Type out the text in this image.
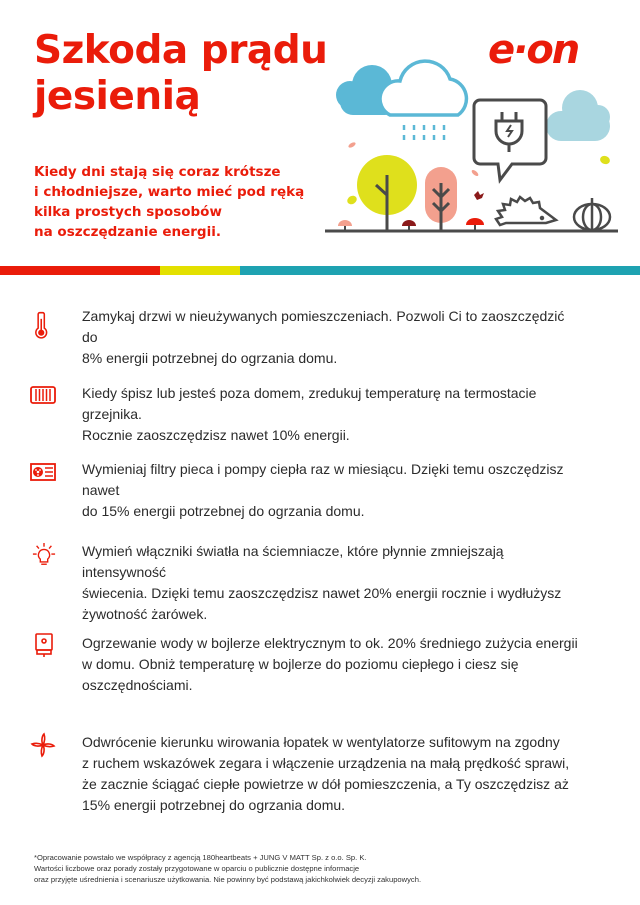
Szkoda prądu
jesienią

Kiedy dni stają się coraz krótsze
i chłodniejsze, warto mieć pod ręką
kilka prostych sposobów
na oszczędzanie energii.

e·on

Zamykaj drzwi w nieużywanych pomieszczeniach. Pozwoli Ci to zaoszczędzić do
8% energii potrzebnej do ogrzania domu.

Kiedy śpisz lub jesteś poza domem, zredukuj temperaturę na termostacie grzejnika.
Rocznie zaoszczędzisz nawet 10% energii.

Wymieniaj filtry pieca i pompy ciepła raz w miesiącu. Dzięki temu oszczędzisz nawet
do 15% energii potrzebnej do ogrzania domu.

Wymień włączniki światła na ściemniacze, które płynnie zmniejszają intensywność
świecenia. Dzięki temu zaoszczędzisz nawet 20% energii rocznie i wydłużysz
żywotność żarówek.

Ogrzewanie wody w bojlerze elektrycznym to ok. 20% średniego zużycia energii
w domu. Obniż temperaturę w bojlerze do poziomu ciepłego i ciesz się
oszczędnościami.

Odwrócenie kierunku wirowania łopatek w wentylatorze sufitowym na zgodny
z ruchem wskazówek zegara i włączenie urządzenia na małą prędkość sprawi,
że zacznie ściągać ciepłe powietrze w dół pomieszczenia, a Ty oszczędzisz aż
15% energii potrzebnej do ogrzania domu.

*Opracowanie powstało we współpracy z agencją 180heartbeats + JUNG V MATT Sp. z o.o. Sp. K.
Wartości liczbowe oraz porady zostały przygotowane w oparciu o publicznie dostępne informacje
oraz przyjęte uśrednienia i scenariusze użytkowania. Nie powinny być podstawą jakichkolwiek decyzji zakupowych.
